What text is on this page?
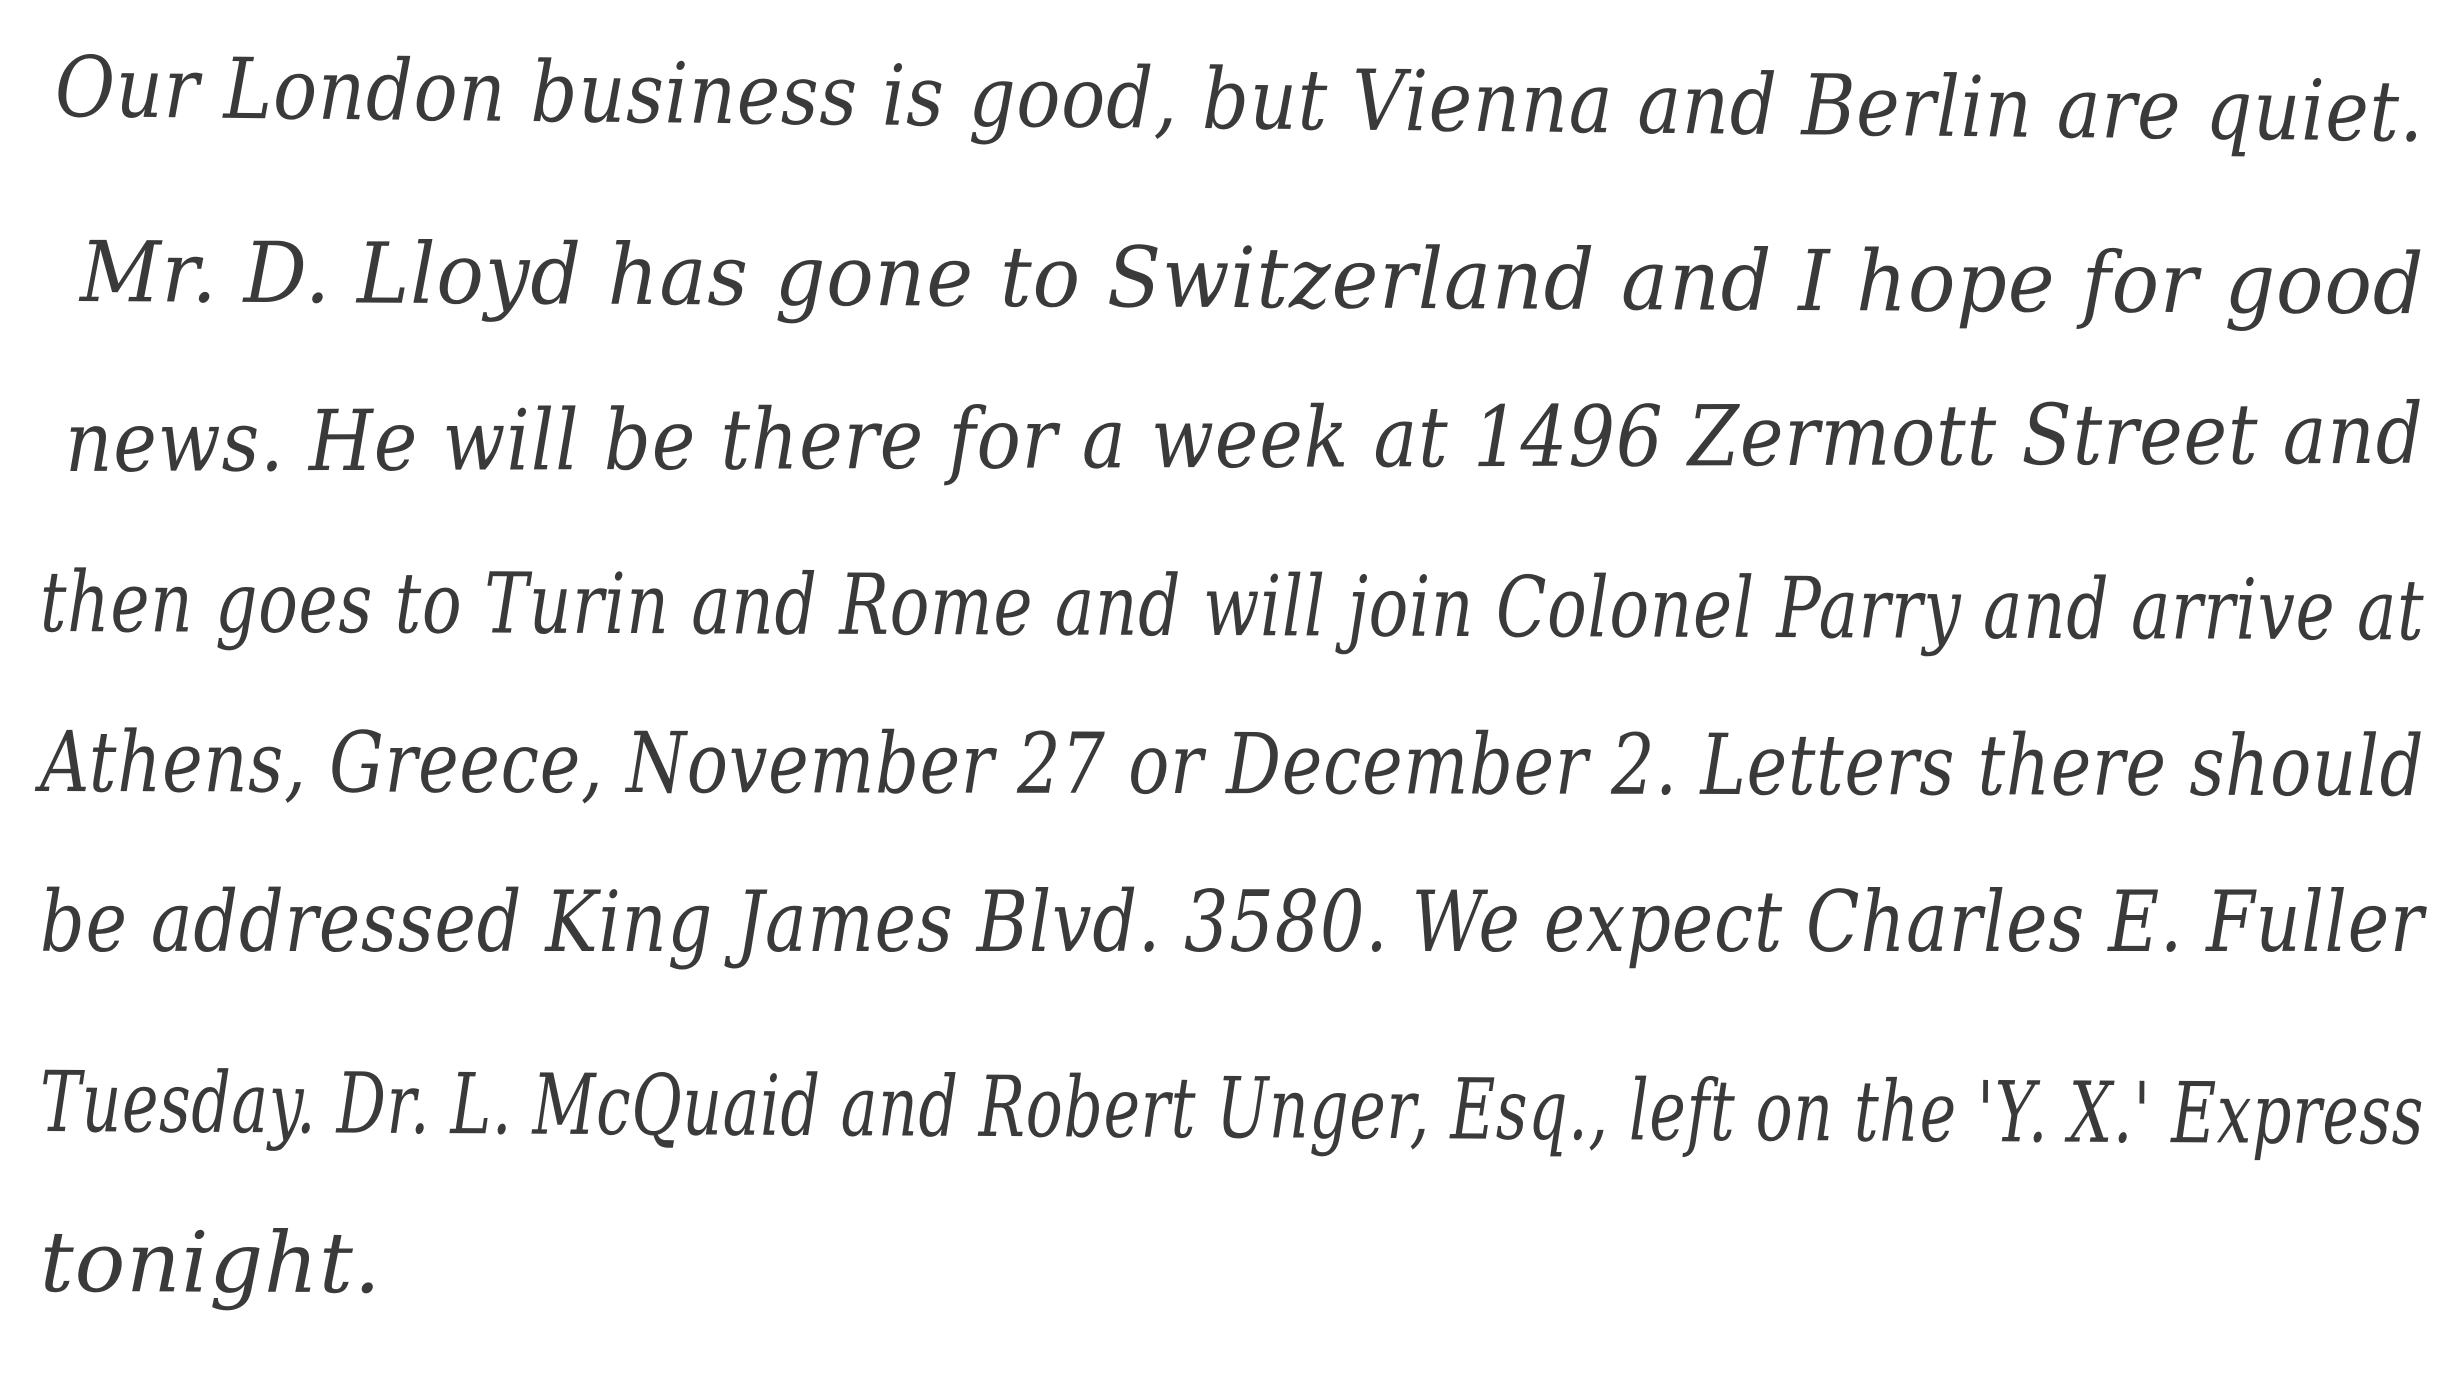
Our London business is good, but Vienna and Berlin are quiet.
Mr. D. Lloyd has gone to Switzerland and I hope for good
news. He will be there for a week at 1496 Zermott Street and
then goes to Turin and Rome and will join Colonel Parry and arrive at
Athens, Greece, November 27 or December 2. Letters there should
be addressed King James Blvd. 3580. We expect Charles E. Fuller
Tuesday. Dr. L. McQuaid and Robert Unger, Esq., left on the 'Y. X.' Express
tonight.
